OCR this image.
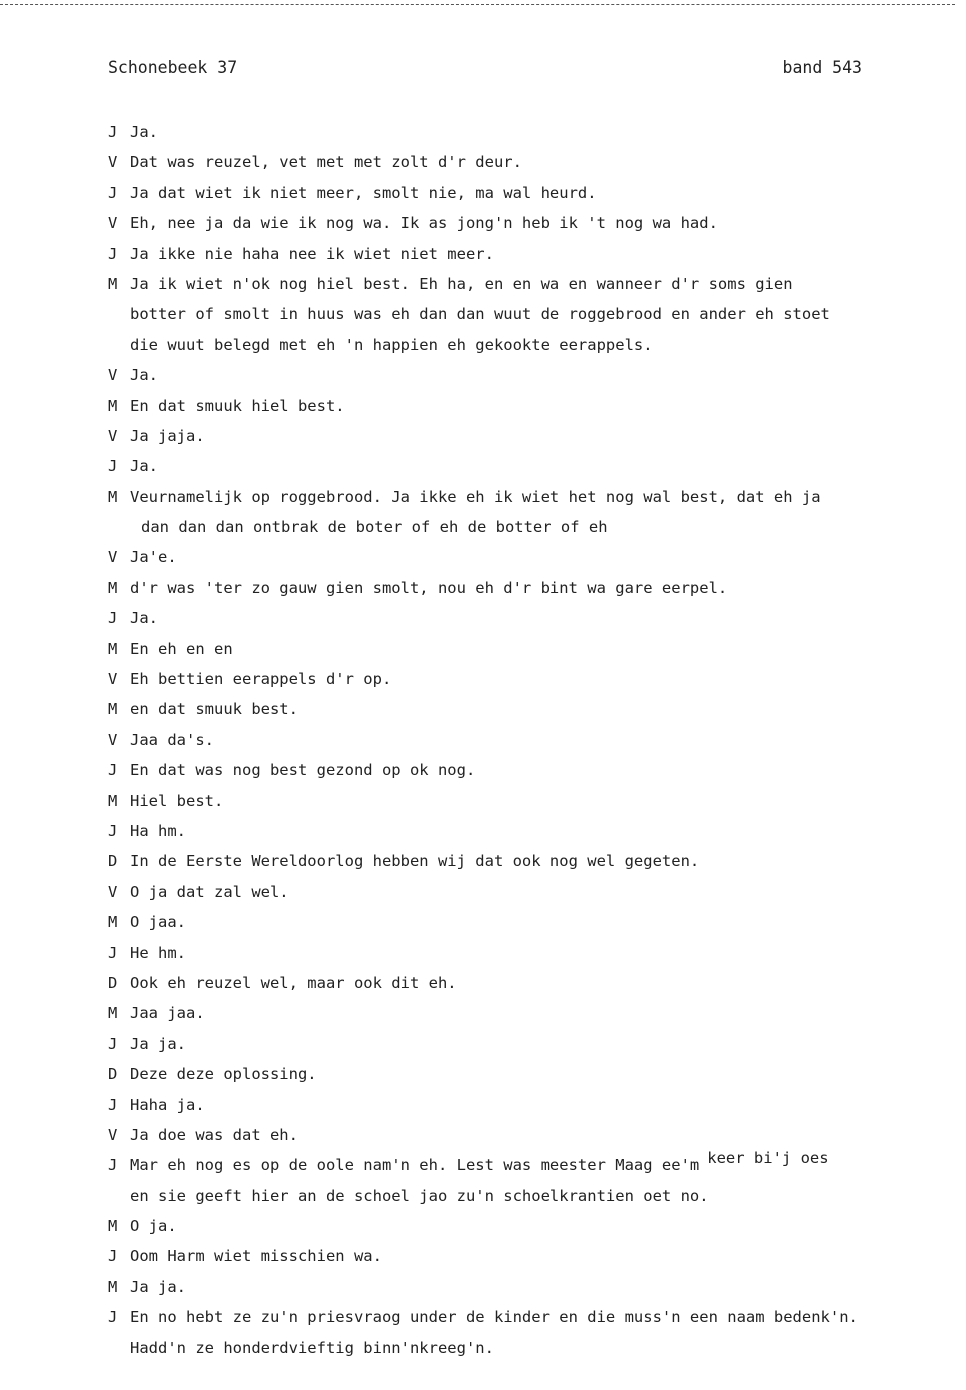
Schonebeek 37	band 543
J Ja.
V Dat was reuzel, vet met met zolt d'r deur.
J Ja dat wiet ik niet meer, smolt nie, ma wal heurd.
V Eh, nee ja da wie ik nog wa. Ik as jong'n heb ik 't nog wa had.
J Ja ikke nie haha nee ik wiet niet meer.
M Ja ik wiet n'ok nog hiel best. Eh ha, en en wa en wanneer d'r soms gien
botter of smolt in huus was eh dan dan wuut de roggebrood en ander eh stoet
die wuut belegd met eh 'n happien eh gekookte eerappels.
V Ja.
M En dat smuuk hiel best.
V Ja jaja.
J Ja.
M Veurnamelijk op roggebrood. Ja ikke eh ik wiet het nog wal best, dat eh ja
dan dan dan ontbrak de boter of eh de botter of eh
V Ja'e.
M d'r was 'ter zo gauw gien smolt, nou eh d'r bint wa gare eerpel.
J Ja.
M En eh en en
V Eh bettien eerappels d'r op.
M en dat smuuk best.
V Jaa da's.
J En dat was nog best gezond op ok nog.
M Hiel best.
J Ha hm.
D In de Eerste Wereldoorlog hebben wij dat ook nog wel gegeten.
V O ja dat zal wel.
M O jaa.
J He hm.
D Ook eh reuzel wel, maar ook dit eh.
M Jaa jaa.
J Ja ja.
D Deze deze oplossing.
J Haha ja.
V Ja doe was dat eh.
J Mar eh nog es op de oole nam'n eh. Lest was meester Maag ee'm keer bi'j oes
en sie geeft hier an de schoel jao zu'n schoelkrantien oet no.
M O ja.
J Oom Harm wiet misschien wa.
M Ja ja.
J En no hebt ze zu'n priesvraog under de kinder en die muss'n een naam bedenk'n.
Hadd'n ze honderdvieftig binn'nkreeg'n.
